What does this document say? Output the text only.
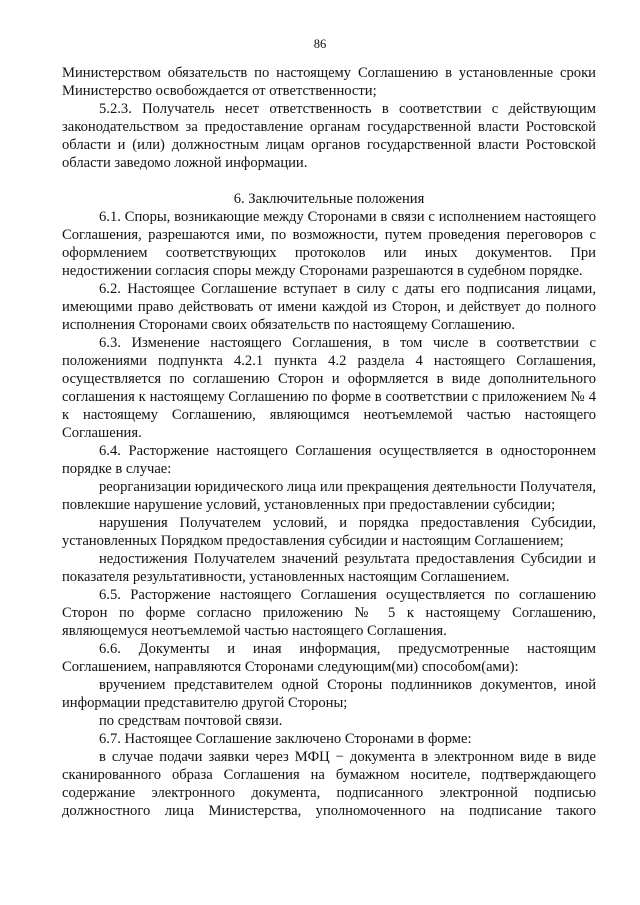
86

Министерством обязательств по настоящему Соглашению в установленные сроки Министерство освобождается от ответственности;

5.2.3. Получатель несет ответственность в соответствии с действующим законодательством за предоставление органам государственной власти Ростовской области и (или) должностным лицам органов государственной власти Ростовской области заведомо ложной информации.

6. Заключительные положения

6.1. Споры, возникающие между Сторонами в связи с исполнением настоящего Соглашения, разрешаются ими, по возможности, путем проведения переговоров с оформлением соответствующих протоколов или иных документов. При недостижении согласия споры между Сторонами разрешаются в судебном порядке.

6.2. Настоящее Соглашение вступает в силу с даты его подписания лицами, имеющими право действовать от имени каждой из Сторон, и действует до полного исполнения Сторонами своих обязательств по настоящему Соглашению.

6.3. Изменение настоящего Соглашения, в том числе в соответствии с положениями подпункта 4.2.1 пункта 4.2 раздела 4 настоящего Соглашения, осуществляется по соглашению Сторон и оформляется в виде дополнительного соглашения к настоящему Соглашению по форме в соответствии с приложением № 4 к настоящему Соглашению, являющимся неотъемлемой частью настоящего Соглашения.

6.4. Расторжение настоящего Соглашения осуществляется в одностороннем порядке в случае:

реорганизации юридического лица или прекращения деятельности Получателя, повлекшие нарушение условий, установленных при предоставлении субсидии;

нарушения Получателем условий, и порядка предоставления Субсидии, установленных Порядком предоставления субсидии и настоящим Соглашением;

недостижения Получателем значений результата предоставления Субсидии и показателя результативности, установленных настоящим Соглашением.

6.5. Расторжение настоящего Соглашения осуществляется по соглашению Сторон по форме согласно приложению № 5 к настоящему Соглашению, являющемуся неотъемлемой частью настоящего Соглашения.

6.6. Документы и иная информация, предусмотренные настоящим Соглашением, направляются Сторонами следующим(ми) способом(ами):

вручением представителем одной Стороны подлинников документов, иной информации представителю другой Стороны;

по средствам почтовой связи.

6.7. Настоящее Соглашение заключено Сторонами в форме:

в случае подачи заявки через МФЦ − документа в электронном виде в виде сканированного образа Соглашения на бумажном носителе, подтверждающего содержание электронного документа, подписанного электронной подписью должностного лица Министерства, уполномоченного на подписание такого
